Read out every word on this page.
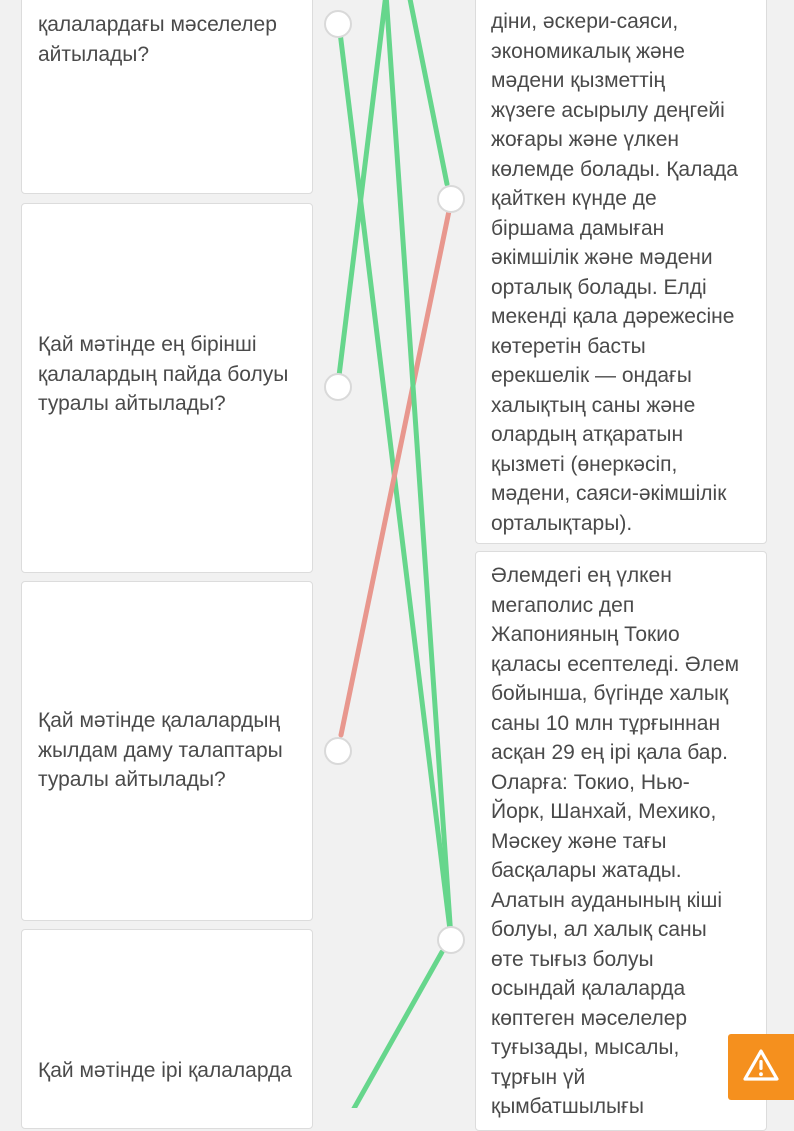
қалалардағы мәселелер айтылады?
Қай мәтінде ең бірінші қалалардың пайда болуы туралы айтылады?
Қай мәтінде қалалардың жылдам даму талаптары туралы айтылады?
Қай мәтінде ірі қалаларда
діни, әскери-саяси,
экономикалық және
мәдени қызметтің
жүзеге асырылу деңгейі
жоғары және үлкен
көлемде болады. Қалада
қайткен күнде де
біршама дамыған
әкімшілік және мәдени
орталық болады. Елді
мекенді қала дәрежесіне
көтеретін басты
ерекшелік — ондағы
халықтың саны және
олардың атқаратын
қызметі (өнеркәсіп,
мәдени, саяси-әкімшілік
орталықтары).
Әлемдегі ең үлкен
мегаполис деп
Жапонияның Токио
қаласы есептеледі. Әлем
бойынша, бүгінде халық
саны 10 млн тұрғыннан
асқан 29 ең ірі қала бар.
Оларға: Токио, Нью-
Йорк, Шанхай, Мехико,
Мәскеу және тағы
басқалары жатады.
Алатын ауданының кіші
болуы, ал халық саны
өте тығыз болуы
осындай қалаларда
көптеген мәселелер
туғызады, мысалы,
тұрғын үй
қымбатшылығы
